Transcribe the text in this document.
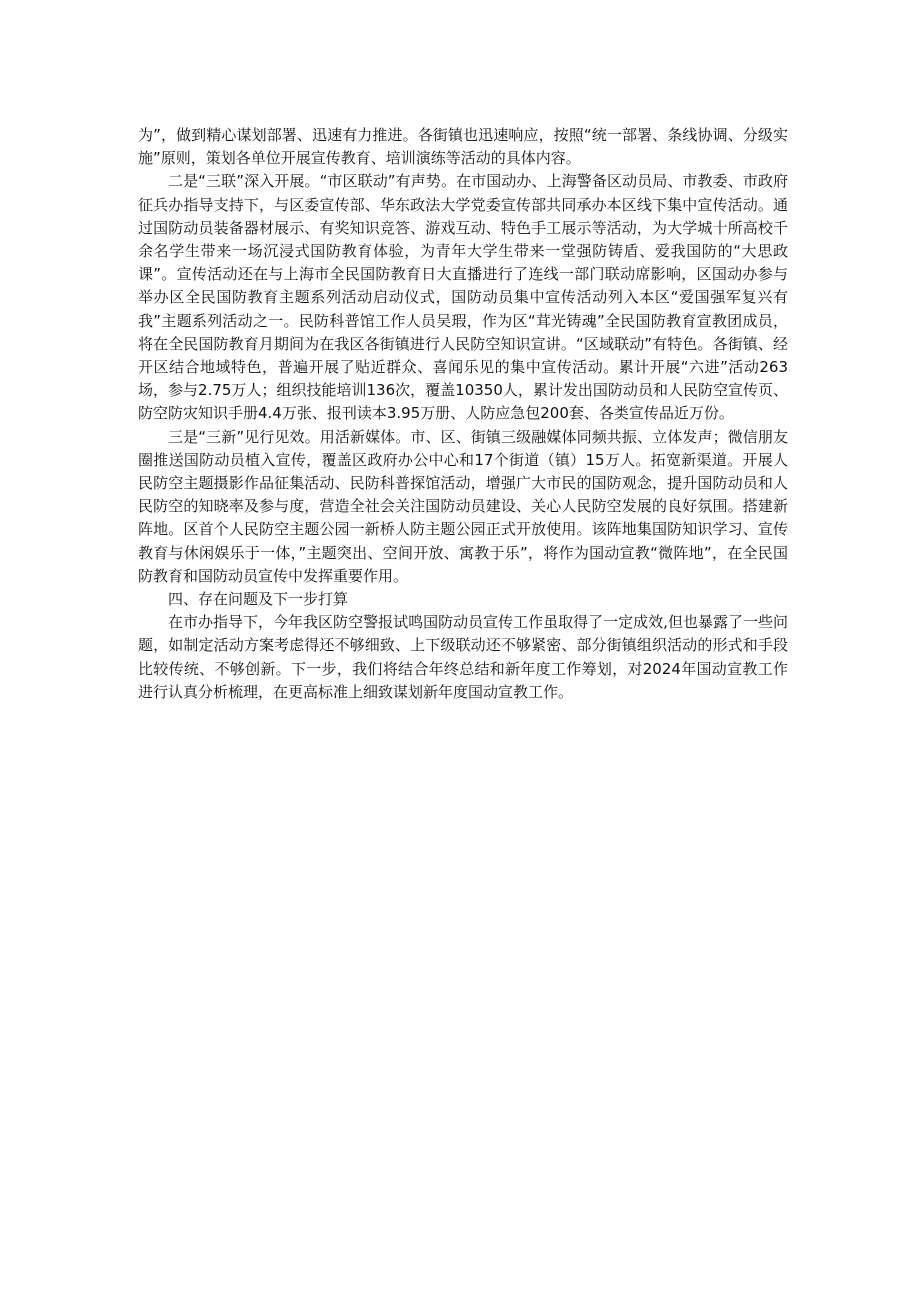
为”，做到精心谋划部署、迅速有力推进。各街镇也迅速响应，按照“统一部署、条线协调、分级实施”原则，策划各单位开展宣传教育、培训演练等活动的具体内容。

二是“三联”深入开展。“市区联动”有声势。在市国动办、上海警备区动员局、市教委、市政府征兵办指导支持下，与区委宣传部、华东政法大学党委宣传部共同承办本区线下集中宣传活动。通过国防动员装备器材展示、有奖知识竞答、游戏互动、特色手工展示等活动，为大学城十所高校千余名学生带来一场沉浸式国防教育体验，为青年大学生带来一堂强防铸盾、爱我国防的“大思政课”。宣传活动还在与上海市全民国防教育日大直播进行了连线一部门联动席影响，区国动办参与举办区全民国防教育主题系列活动启动仪式，国防动员集中宣传活动列入本区“爱国强军复兴有我”主题系列活动之一。民防科普馆工作人员吴瑕，作为区“茸光铸魂”全民国防教育宣教团成员，将在全民国防教育月期间为在我区各街镇进行人民防空知识宣讲。“区域联动”有特色。各街镇、经开区结合地域特色，普遍开展了贴近群众、喜闻乐见的集中宣传活动。累计开展“六进”活动263场，参与2.75万人；组织技能培训136次，覆盖10350人，累计发出国防动员和人民防空宣传页、防空防灾知识手册4.4万张、报刊读本3.95万册、人防应急包200套、各类宣传品近万份。

三是“三新”见行见效。用活新媒体。市、区、街镇三级融媒体同频共振、立体发声；微信朋友圈推送国防动员植入宣传，覆盖区政府办公中心和17个街道（镇）15万人。拓宽新渠道。开展人民防空主题摄影作品征集活动、民防科普探馆活动，增强广大市民的国防观念，提升国防动员和人民防空的知晓率及参与度，营造全社会关注国防动员建设、关心人民防空发展的良好氛围。搭建新阵地。区首个人民防空主题公园一新桥人防主题公园正式开放使用。该阵地集国防知识学习、宣传教育与休闲娱乐于一体，”主题突出、空间开放、寓教于乐”，将作为国动宣教“微阵地”，在全民国防教育和国防动员宣传中发挥重要作用。

四、存在问题及下一步打算

在市办指导下，今年我区防空警报试鸣国防动员宣传工作虽取得了一定成效,但也暴露了一些问题，如制定活动方案考虑得还不够细致、上下级联动还不够紧密、部分街镇组织活动的形式和手段比较传统、不够创新。下一步，我们将结合年终总结和新年度工作筹划，对2024年国动宣教工作进行认真分析梳理，在更高标准上细致谋划新年度国动宣教工作。
